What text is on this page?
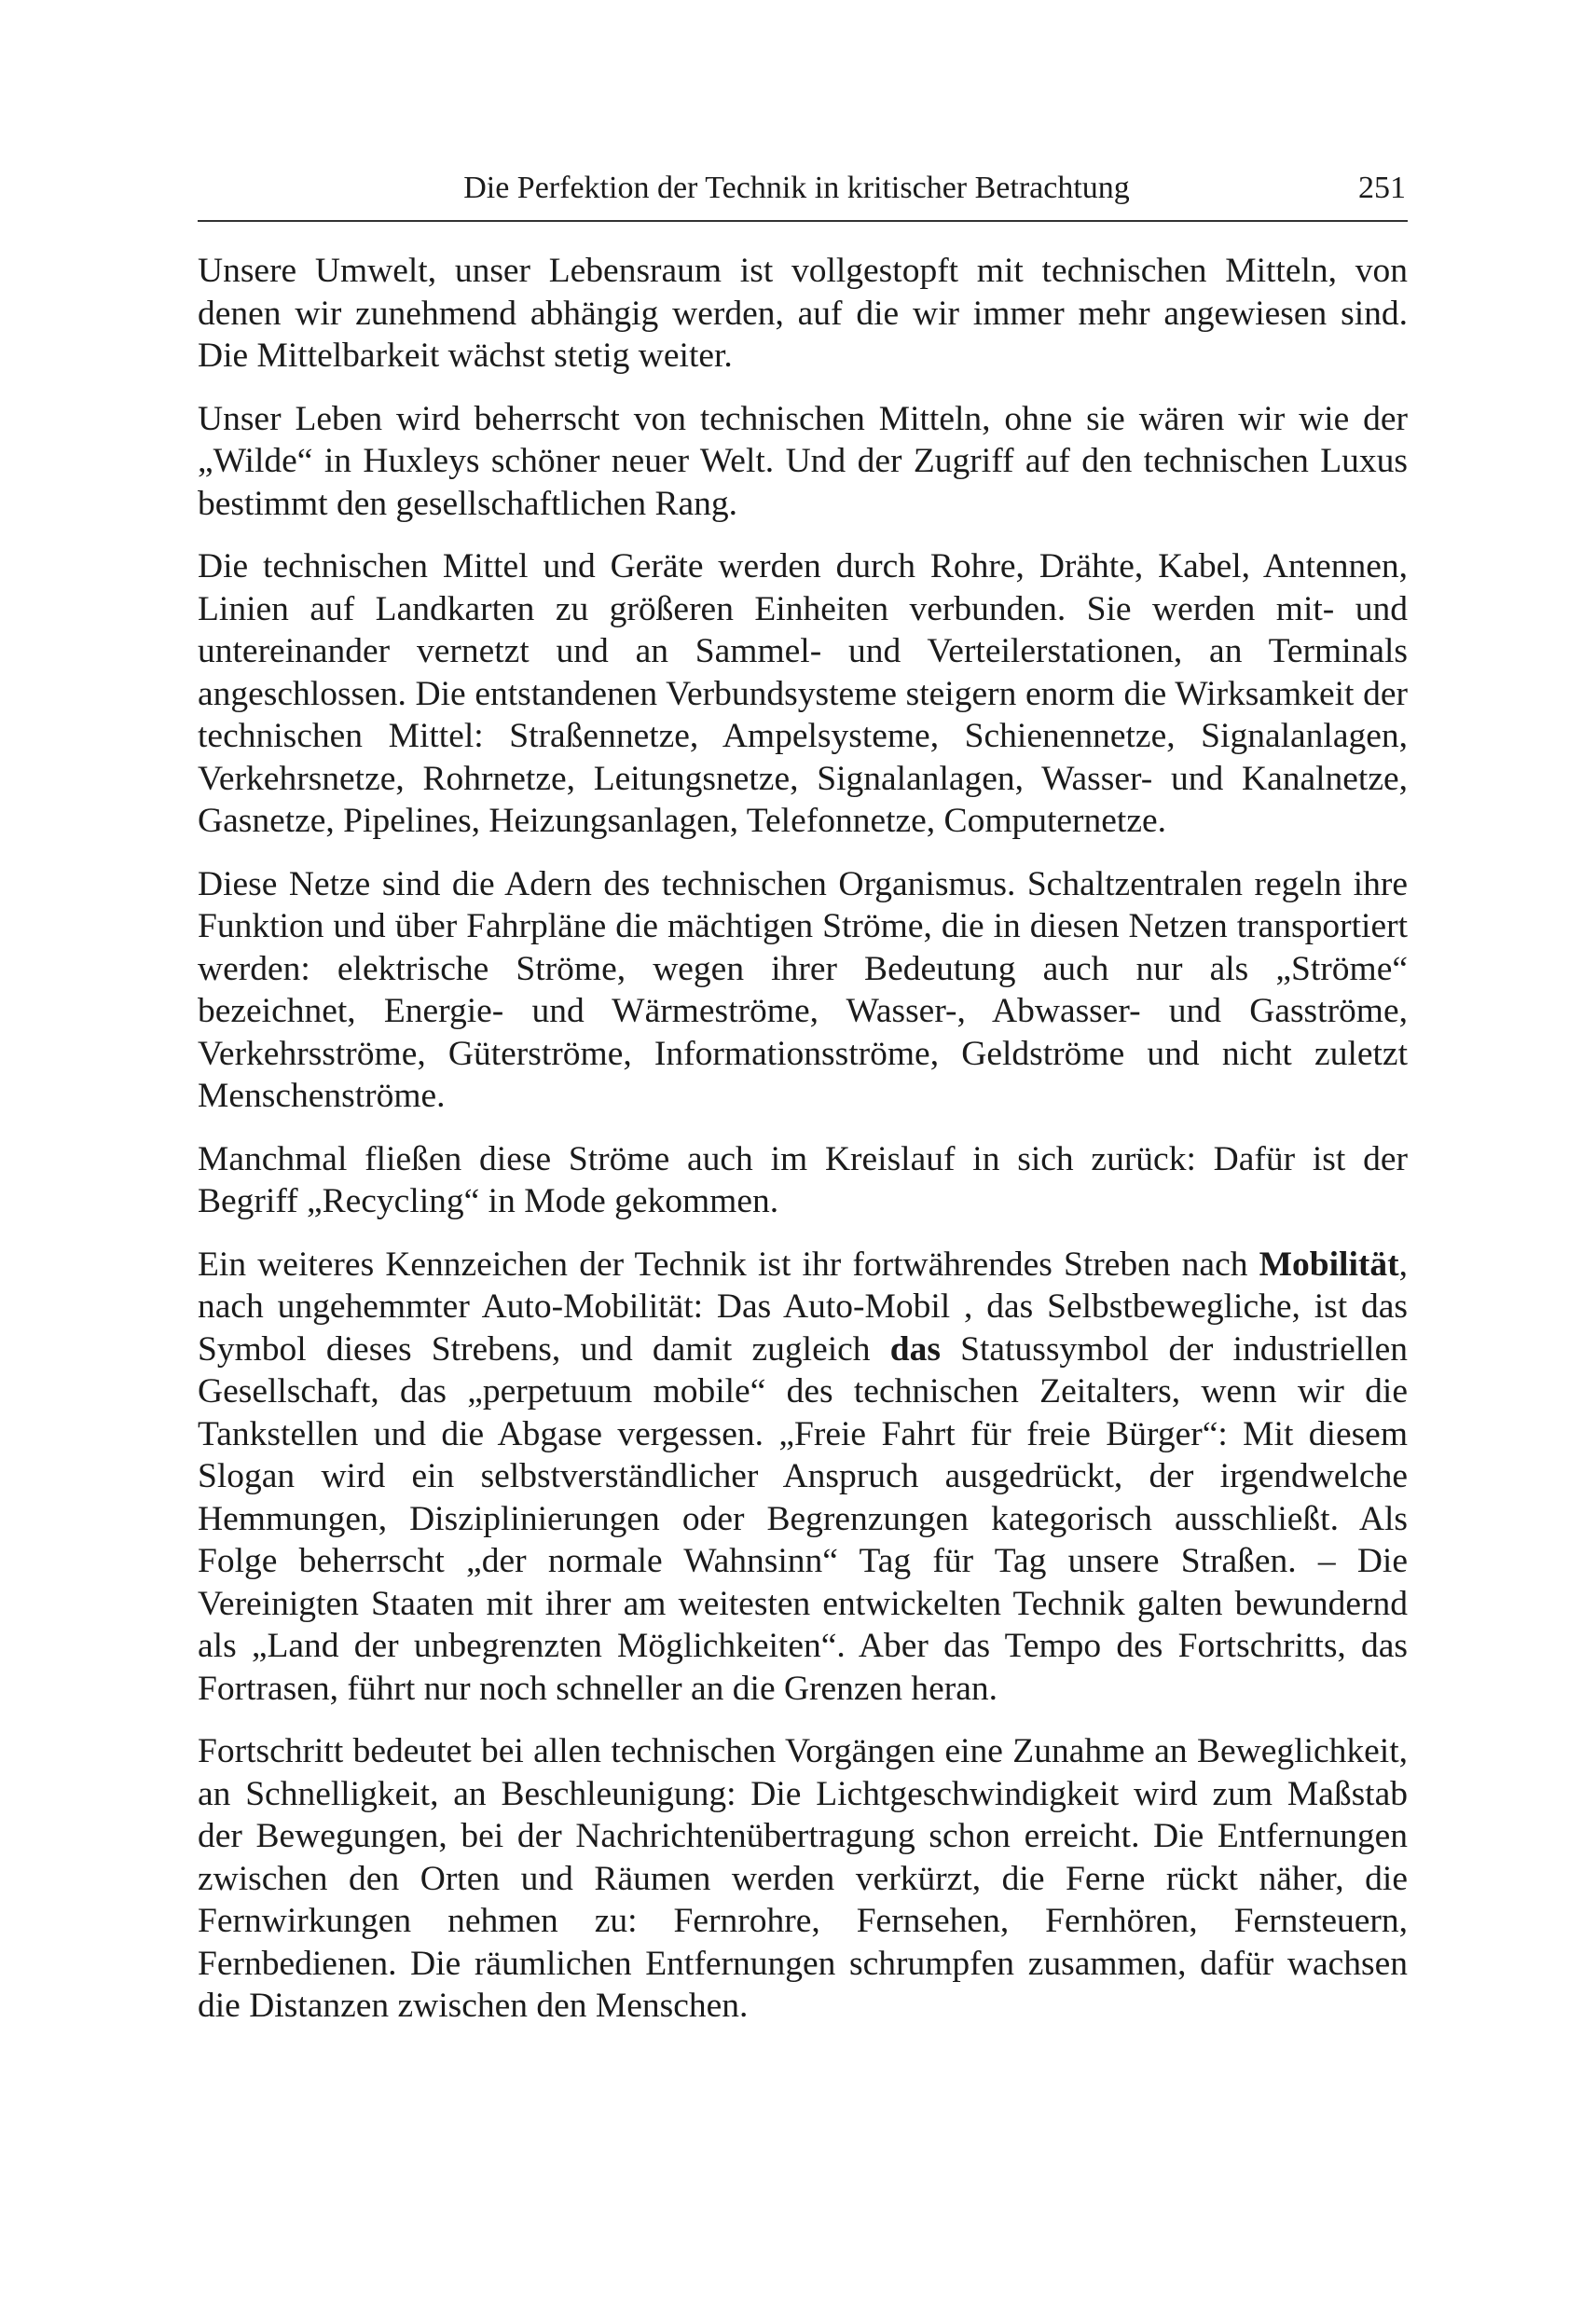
Die Perfektion der Technik in kritischer Betrachtung	251

Unsere Umwelt, unser Lebensraum ist vollgestopft mit technischen Mitteln, von denen wir zunehmend abhängig werden, auf die wir immer mehr angewiesen sind. Die Mittelbarkeit wächst stetig weiter.

Unser Leben wird beherrscht von technischen Mitteln, ohne sie wären wir wie der „Wilde“ in Huxleys schöner neuer Welt. Und der Zugriff auf den technischen Luxus bestimmt den gesellschaftlichen Rang.

Die technischen Mittel und Geräte werden durch Rohre, Drähte, Kabel, Antennen, Linien auf Landkarten zu größeren Einheiten verbunden. Sie werden mit- und untereinander vernetzt und an Sammel- und Verteilerstationen, an Terminals angeschlossen. Die entstandenen Verbundsysteme steigern enorm die Wirksamkeit der technischen Mittel: Straßennetze, Ampelsysteme, Schienennetze, Signalanlagen, Verkehrsnetze, Rohrnetze, Leitungsnetze, Signalanlagen, Wasser- und Kanalnetze, Gasnetze, Pipelines, Heizungsanlagen, Telefonnetze, Computernetze.

Diese Netze sind die Adern des technischen Organismus. Schaltzentralen regeln ihre Funktion und über Fahrpläne die mächtigen Ströme, die in diesen Netzen transportiert werden: elektrische Ströme, wegen ihrer Bedeutung auch nur als „Ströme“ bezeichnet, Energie- und Wärmeströme, Wasser-, Abwasser- und Gasströme, Verkehrsströme, Güterströme, Informationsströme, Geldströme und nicht zuletzt Menschenströme.

Manchmal fließen diese Ströme auch im Kreislauf in sich zurück: Dafür ist der Begriff „Recycling“ in Mode gekommen.

Ein weiteres Kennzeichen der Technik ist ihr fortwährendes Streben nach Mobilität, nach ungehemmter Auto-Mobilität: Das Auto-Mobil , das Selbstbewegliche, ist das Symbol dieses Strebens, und damit zugleich das Statussymbol der industriellen Gesellschaft, das „perpetuum mobile“ des technischen Zeitalters, wenn wir die Tankstellen und die Abgase vergessen. „Freie Fahrt für freie Bürger“: Mit diesem Slogan wird ein selbstverständlicher Anspruch ausgedrückt, der irgendwelche Hemmungen, Disziplinierungen oder Begrenzungen kategorisch ausschließt. Als Folge beherrscht „der normale Wahnsinn“ Tag für Tag unsere Straßen. – Die Vereinigten Staaten mit ihrer am weitesten entwickelten Technik galten bewundernd als „Land der unbegrenzten Möglichkeiten“. Aber das Tempo des Fortschritts, das Fortrasen, führt nur noch schneller an die Grenzen heran.

Fortschritt bedeutet bei allen technischen Vorgängen eine Zunahme an Beweglichkeit, an Schnelligkeit, an Beschleunigung: Die Lichtgeschwindigkeit wird zum Maßstab der Bewegungen, bei der Nachrichtenübertragung schon erreicht. Die Entfernungen zwischen den Orten und Räumen werden verkürzt, die Ferne rückt näher, die Fernwirkungen nehmen zu: Fernrohre, Fernsehen, Fernhören, Fernsteuern, Fernbedienen. Die räumlichen Entfernungen schrumpfen zusammen, dafür wachsen die Distanzen zwischen den Menschen.
